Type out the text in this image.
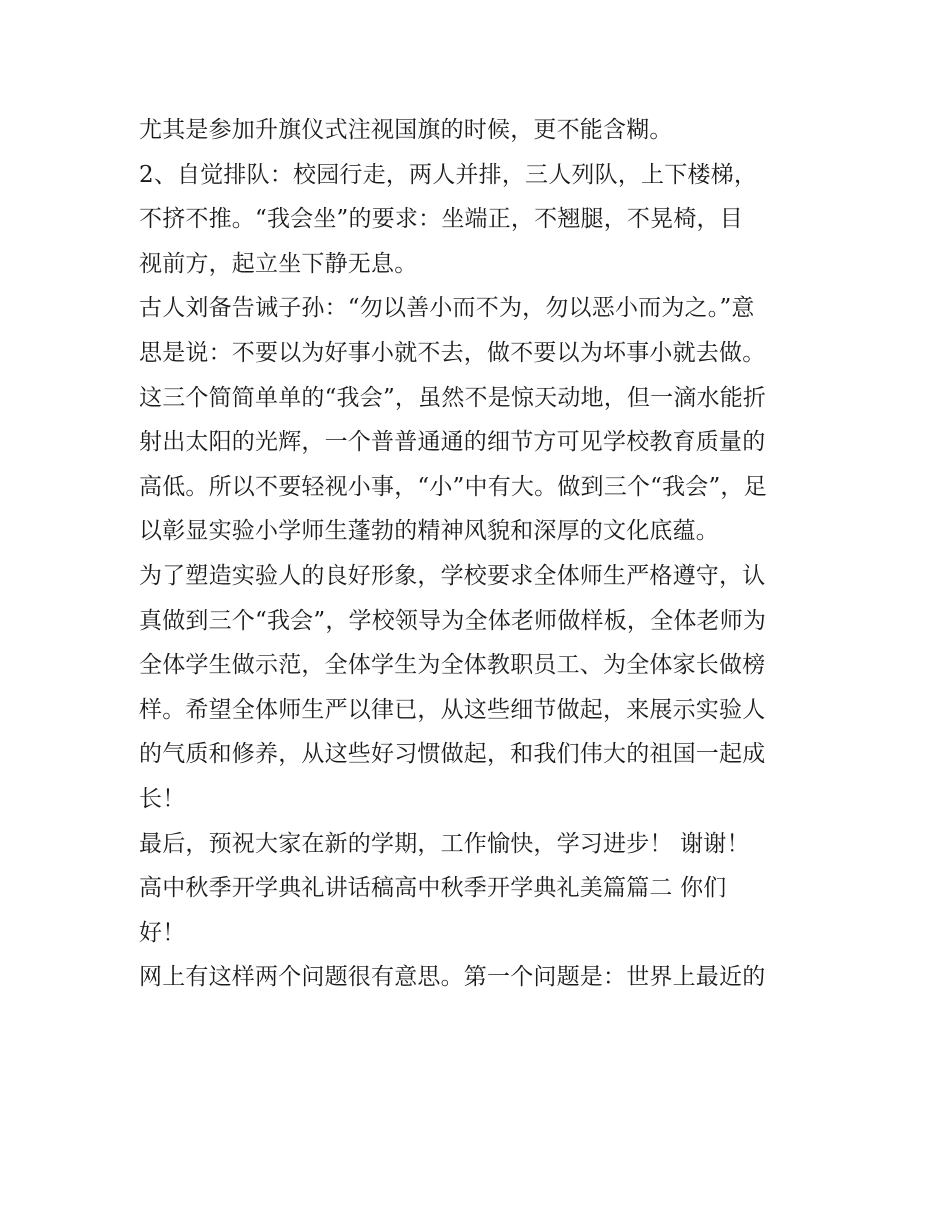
尤其是参加升旗仪式注视国旗的时候，更不能含糊。
2、自觉排队：校园行走，两人并排，三人列队，上下楼梯，
不挤不推。“我会坐”的要求：坐端正，不翘腿，不晃椅，目
视前方，起立坐下静无息。
古人刘备告诫子孙：“勿以善小而不为，勿以恶小而为之。”意
思是说：不要以为好事小就不去，做不要以为坏事小就去做。
这三个简简单单的“我会”，虽然不是惊天动地，但一滴水能折
射出太阳的光辉，一个普普通通的细节方可见学校教育质量的
高低。所以不要轻视小事，“小”中有大。做到三个“我会”，足
以彰显实验小学师生蓬勃的精神风貌和深厚的文化底蕴。
为了塑造实验人的良好形象，学校要求全体师生严格遵守，认
真做到三个“我会”，学校领导为全体老师做样板，全体老师为
全体学生做示范，全体学生为全体教职员工、为全体家长做榜
样。希望全体师生严以律已，从这些细节做起，来展示实验人
的气质和修养，从这些好习惯做起，和我们伟大的祖国一起成
长！
最后，预祝大家在新的学期，工作愉快，学习进步！ 谢谢！
高中秋季开学典礼讲话稿高中秋季开学典礼美篇篇二 你们
好！
网上有这样两个问题很有意思。第一个问题是：世界上最近的
